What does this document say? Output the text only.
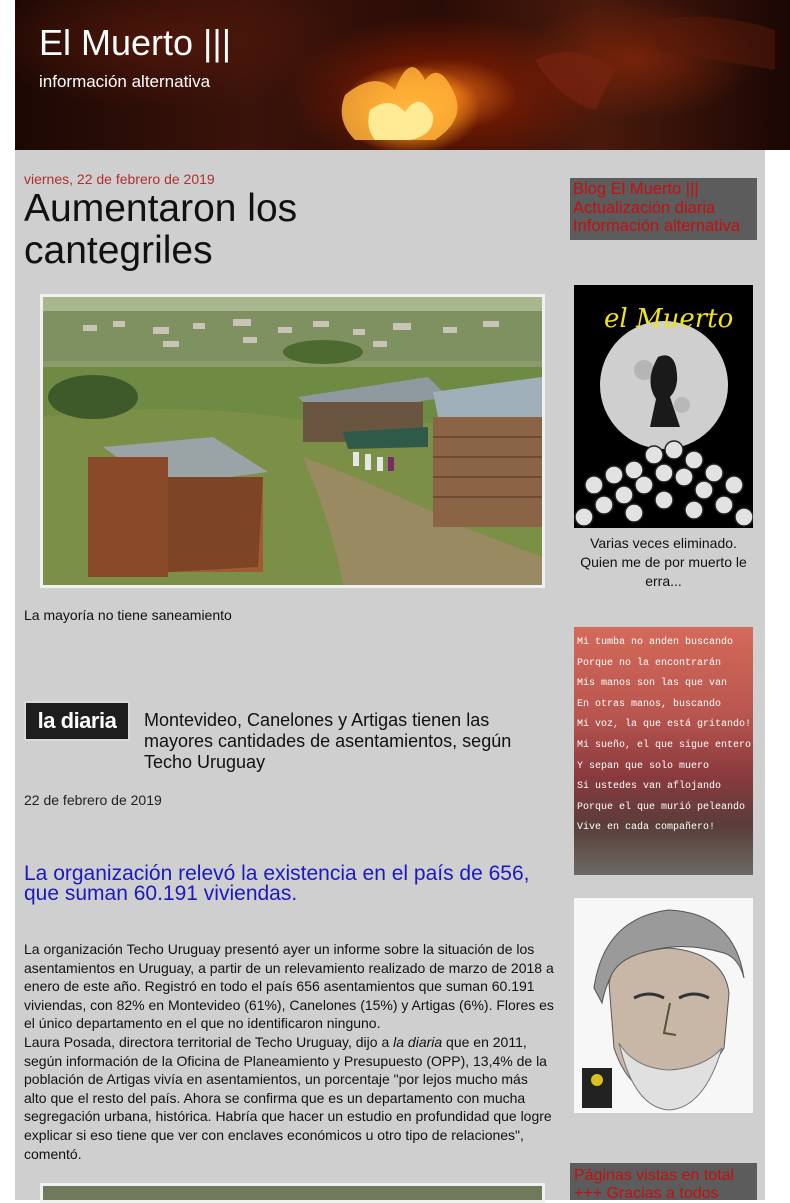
El Muerto |||
información alternativa
viernes, 22 de febrero de 2019
Aumentaron los cantegriles
La mayoría no tiene saneamiento
la diaria	Montevideo, Canelones y Artigas tienen las mayores cantidades de asentamientos, según Techo Uruguay
22 de febrero de 2019
La organización relevó la existencia en el país de 656, que suman 60.191 viviendas.

La organización Techo Uruguay presentó ayer un informe sobre la situación de los asentamientos en Uruguay, a partir de un relevamiento realizado de marzo de 2018 a enero de este año. Registró en todo el país 656 asentamientos que suman 60.191 viviendas, con 82% en Montevideo (61%), Canelones (15%) y Artigas (6%). Flores es el único departamento en el que no identificaron ninguno.

Laura Posada, directora territorial de Techo Uruguay, dijo a la diaria que en 2011, según información de la Oficina de Planeamiento y Presupuesto (OPP), 13,4% de la población de Artigas vivía en asentamientos, un porcentaje "por lejos mucho más alto que el resto del país. Ahora se confirma que es un departamento con mucha segregación urbana, histórica. Habría que hacer un estudio en profundidad que logre explicar si eso tiene que ver con enclaves económicos u otro tipo de relaciones", comentó.

Blog El Muerto |||
Actualización diaria
Información alternativa
el Muerto
Varias veces eliminado. Quien me de por muerto le erra...
Mi tumba no anden buscando
Porque no la encontrarán
Mis manos son las que van
En otras manos, buscando
Mi voz, la que está gritando!
Mi sueño, el que sigue entero
Y sepan que solo muero
Si ustedes van aflojando
Porque el que murió peleando
Vive en cada compañero!
Páginas vistas en total +++ Gracias a todos
